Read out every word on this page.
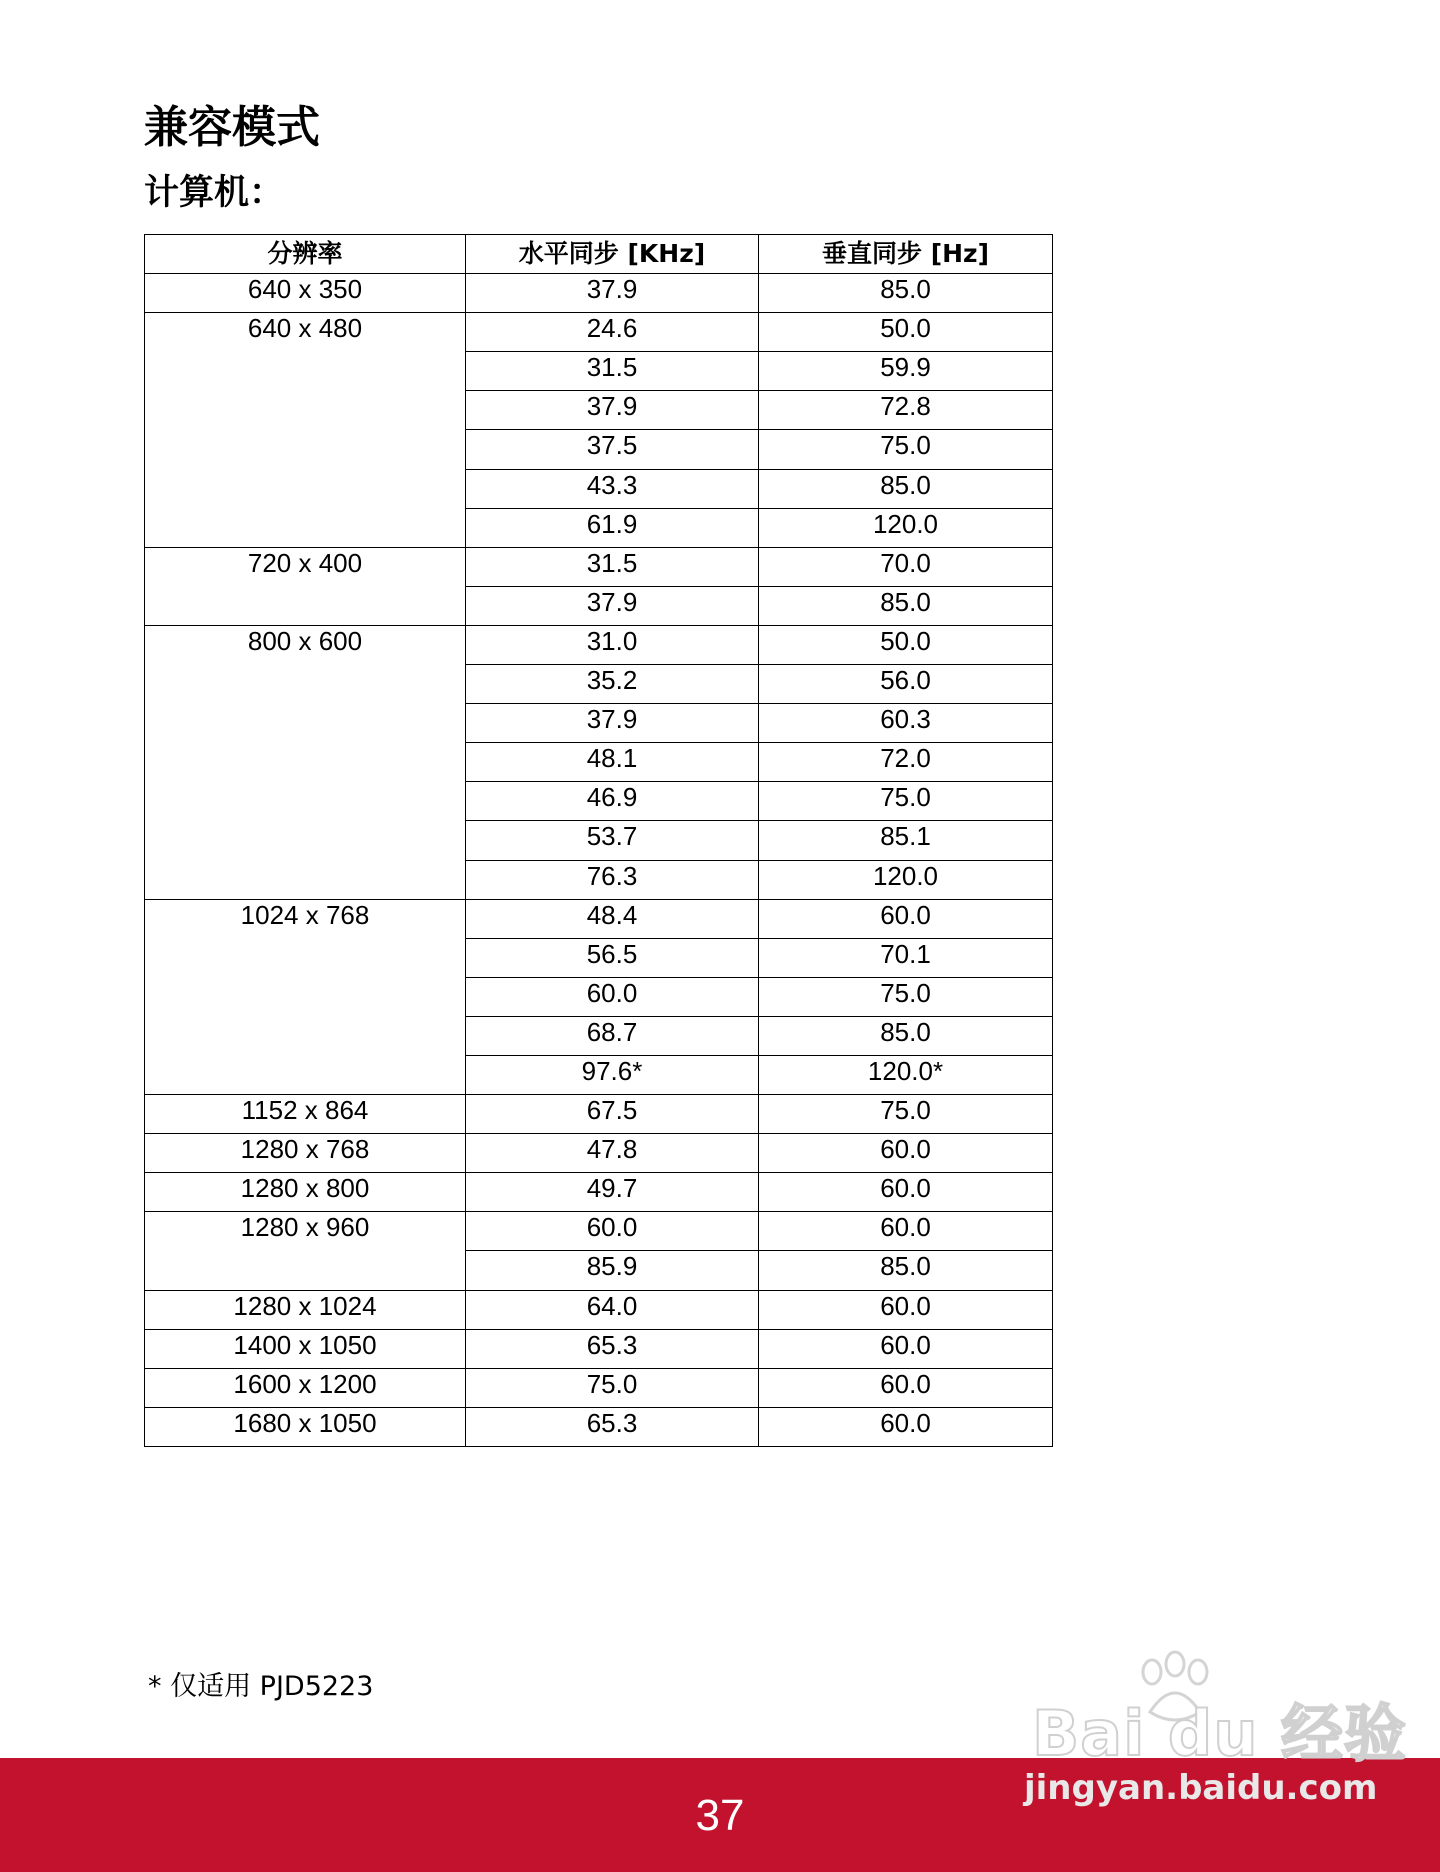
兼容模式
计算机：
分辨率	水平同步 [KHz]	垂直同步 [Hz]
640 x 350	37.9	85.0
640 x 480	24.6	50.0
	31.5	59.9
	37.9	72.8
	37.5	75.0
	43.3	85.0
	61.9	120.0
720 x 400	31.5	70.0
	37.9	85.0
800 x 600	31.0	50.0
	35.2	56.0
	37.9	60.3
	48.1	72.0
	46.9	75.0
	53.7	85.1
	76.3	120.0
1024 x 768	48.4	60.0
	56.5	70.1
	60.0	75.0
	68.7	85.0
	97.6*	120.0*
1152 x 864	67.5	75.0
1280 x 768	47.8	60.0
1280 x 800	49.7	60.0
1280 x 960	60.0	60.0
	85.9	85.0
1280 x 1024	64.0	60.0
1400 x 1050	65.3	60.0
1600 x 1200	75.0	60.0
1680 x 1050	65.3	60.0
* 仅适用 PJD5223
37
Bai du 经验
jingyan.baidu.com
